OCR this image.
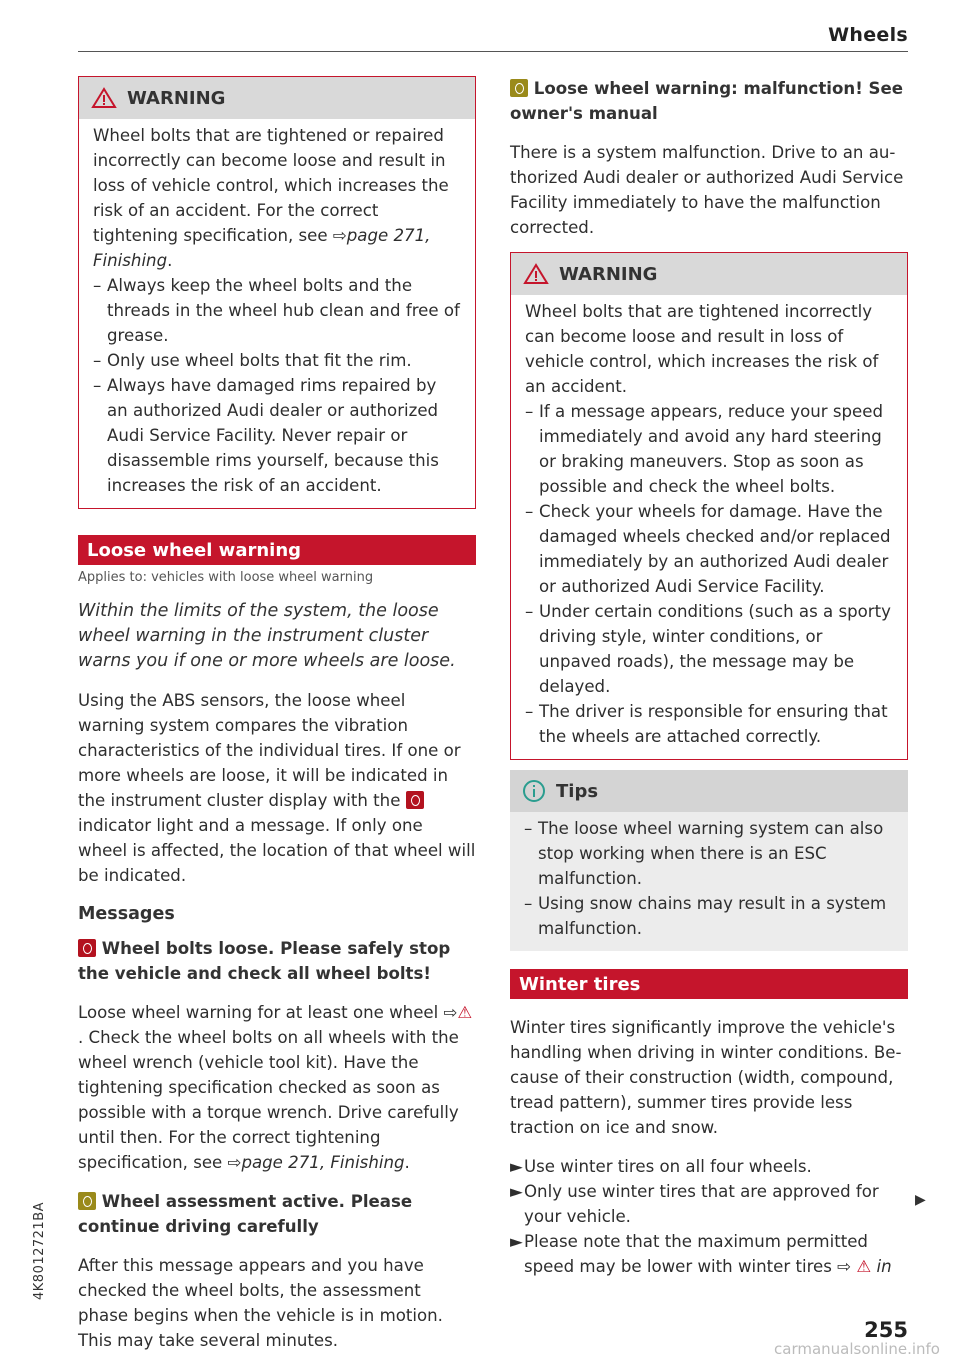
Wheels
WARNING

Wheel bolts that are tightened or repaired incorrectly can become loose and result in loss of vehicle control, which increases the risk of an accident. For the correct tightening specification, see ⇨page 271, Finishing.

– Always keep the wheel bolts and the threads in the wheel hub clean and free of grease.
– Only use wheel bolts that fit the rim.
– Always have damaged rims repaired by an authorized Audi dealer or authorized Audi Service Facility. Never repair or disassemble rims yourself, because this increases the risk of an accident.
Loose wheel warning
Applies to: vehicles with loose wheel warning
Within the limits of the system, the loose wheel warning in the instrument cluster warns you if one or more wheels are loose.

Using the ABS sensors, the loose wheel warning system compares the vibration characteristics of the individual tires. If one or more wheels are loose, it will be indicated in the instrument cluster display with the  indicator light and a message. If only one wheel is affected, the location of that wheel will be indicated.

Messages
Wheel bolts loose. Please safely stop the vehicle and check all wheel bolts!

Loose wheel warning for at least one wheel ⇨⚠. Check the wheel bolts on all wheels with the wheel wrench (vehicle tool kit). Have the tightening specification checked as soon as possible with a torque wrench. Drive carefully until then. For the correct tightening specification, see ⇨page 271, Finishing.

Wheel assessment active. Please continue driving carefully

After this message appears and you have checked the wheel bolts, the assessment phase begins when the vehicle is in motion. This may take several minutes.

Loose wheel warning: malfunction! See owner's manual

There is a system malfunction. Drive to an authorized Audi dealer or authorized Audi Service Facility immediately to have the malfunction corrected.

WARNING

Wheel bolts that are tightened incorrectly can become loose and result in loss of vehicle control, which increases the risk of an accident.

– If a message appears, reduce your speed immediately and avoid any hard steering or braking maneuvers. Stop as soon as possible and check the wheel bolts.
– Check your wheels for damage. Have the damaged wheels checked and/or replaced immediately by an authorized Audi dealer or authorized Audi Service Facility.
– Under certain conditions (such as a sporty driving style, winter conditions, or unpaved roads), the message may be delayed.
– The driver is responsible for ensuring that the wheels are attached correctly.
Tips
– The loose wheel warning system can also stop working when there is an ESC malfunction.
– Using snow chains may result in a system malfunction.
Winter tires

Winter tires significantly improve the vehicle's handling when driving in winter conditions. Because of their construction (width, compound, tread pattern), summer tires provide less traction on ice and snow.

► Use winter tires on all four wheels.
► Only use winter tires that are approved for your vehicle.
► Please note that the maximum permitted speed may be lower with winter tires ⇨ ⚠ in
▶
4K8012721BA
255
carmanualsonline.info
